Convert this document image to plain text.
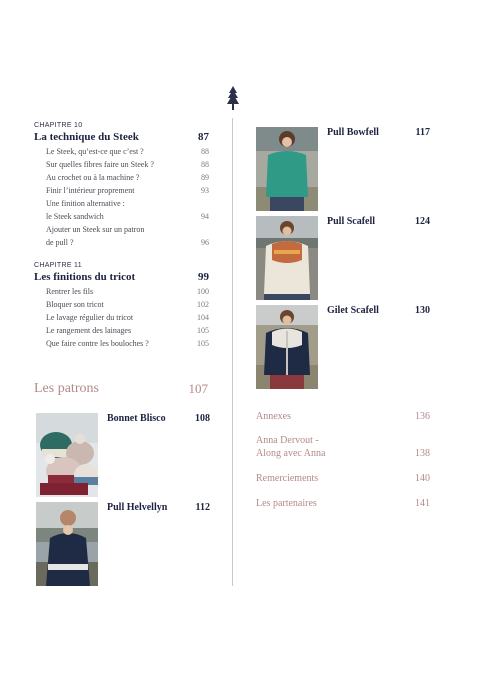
CHAPITRE 10
La technique du Steek	87
Le Steek, qu’est-ce que c’est ?	88
Sur quelles fibres faire un Steek ?	88
Au crochet ou à la machine ?	89
Finir l’intérieur proprement	93
Une finition alternative :
le Steek sandwich	94
Ajouter un Steek sur un patron
de pull ?	96
CHAPITRE 11
Les finitions du tricot	99
Rentrer les fils	100
Bloquer son tricot	102
Le lavage régulier du tricot	104
Le rangement des lainages	105
Que faire contre les bouloches ?	105
Les patrons	107
Bonnet Blisco	108
Pull Helvellyn	112
Pull Bowfell	117
Pull Scafell	124
Gilet Scafell	130
Annexes	136
Anna Dervout -
Along avec Anna	138
Remerciements	140
Les partenaires	141
